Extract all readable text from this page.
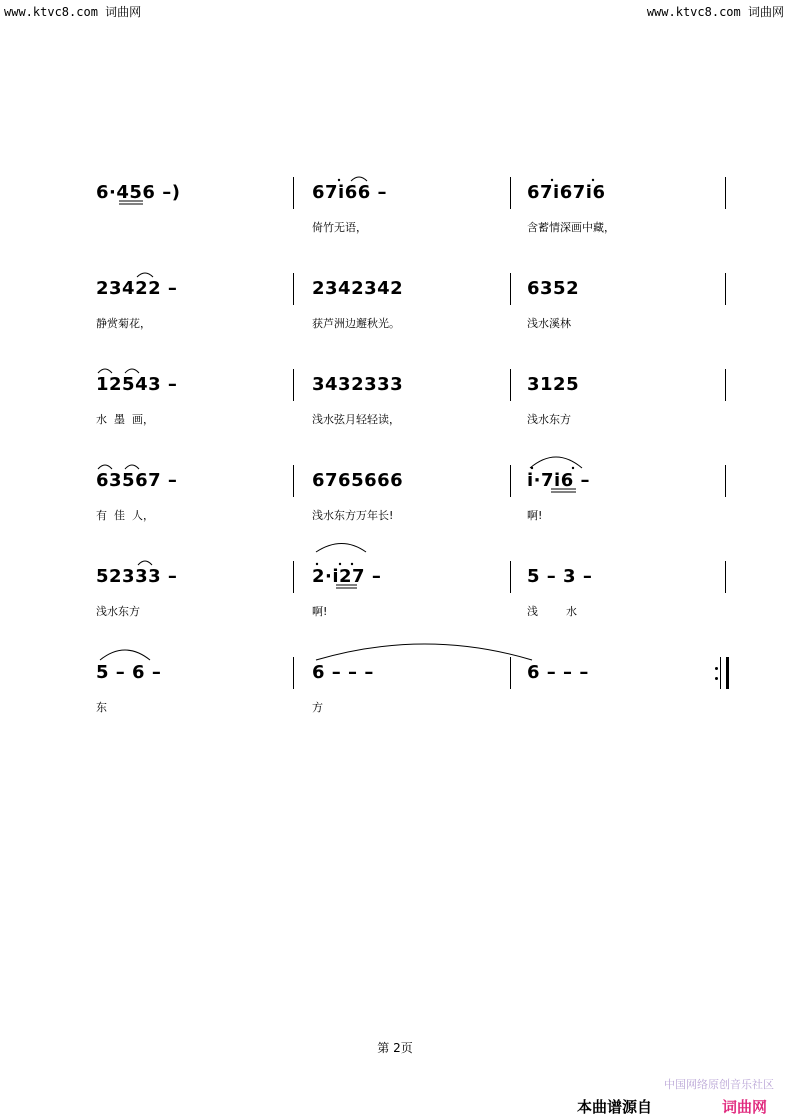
www.ktvc8.com 词曲网	www.ktvc8.com 词曲网
6·456 –)	67i66 –	67i67i6
倚竹无语，	含蓄情深画中藏，
23422 –	2342342	6352
静赏菊花，	获芦洲边邂秋光。	浅水溪林
12543 –	3432333	3125
水  墨  画，	浅水弦月轻轻读，	浅水东方
63567 –	6765666	i·7i6 –
有  佳  人，	浅水东方万年长!	啊!
52333 –	2·i27 –	5 – 3 –
浅水东方	啊!	浅        水
5 – 6 –	6 – – –	6 – – –
东	方
第 2页
中国网络原创音乐社区
本曲谱源自	词曲网
